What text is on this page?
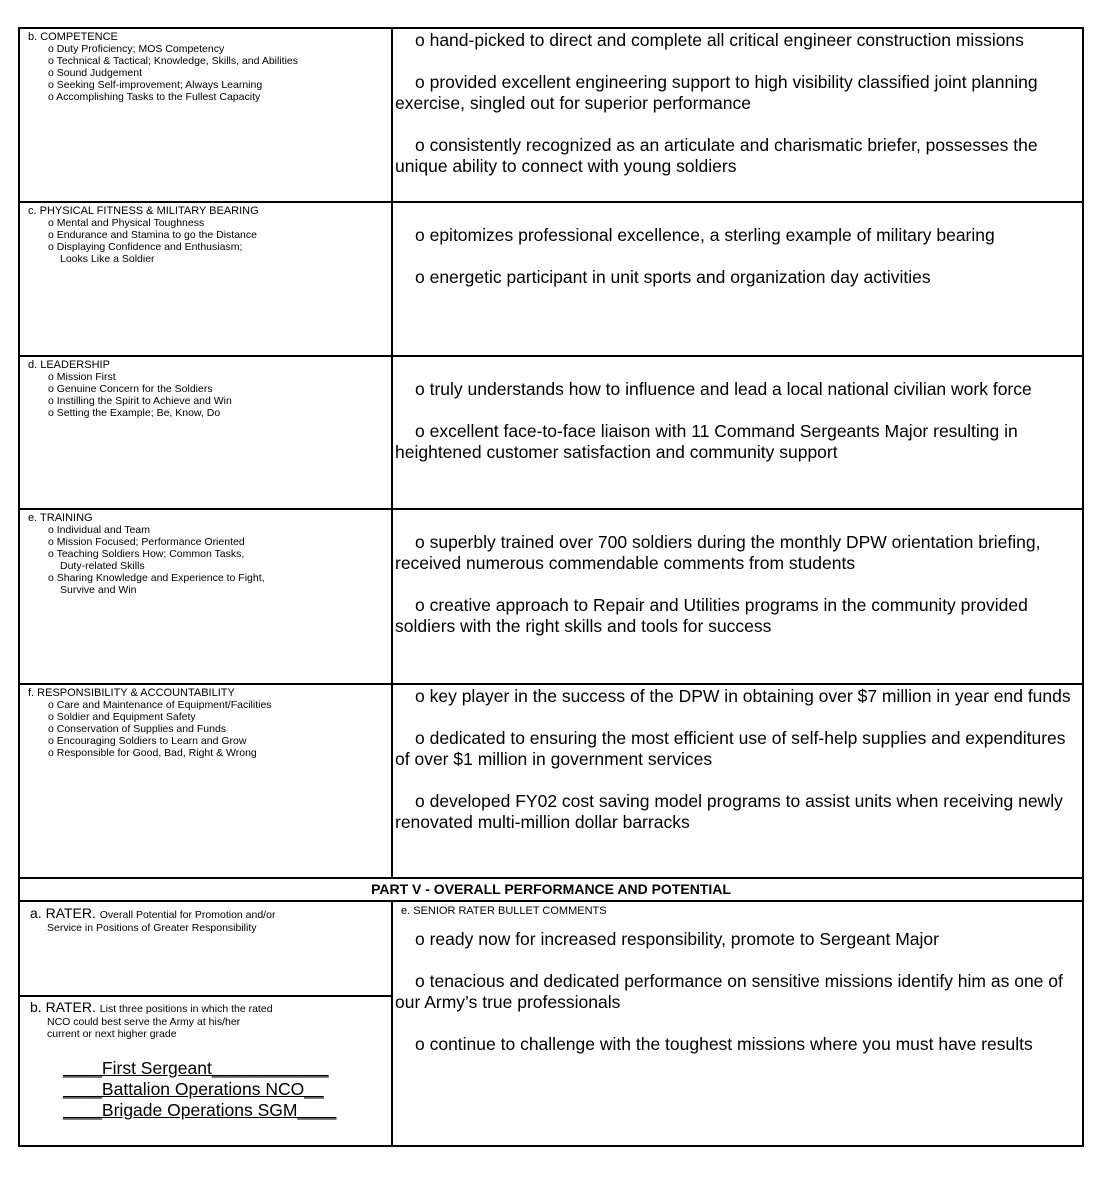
b. COMPETENCE
o Duty Proficiency; MOS Competency
o Technical & Tactical; Knowledge, Skills, and Abilities
o Sound Judgement
o Seeking Self-improvement; Always Learning
o Accomplishing Tasks to the Fullest Capacity
o hand-picked to direct and complete all critical engineer construction missions
o provided excellent engineering support to high visibility classified joint planning exercise, singled out for superior performance
o consistently recognized as an articulate and charismatic briefer, possesses the unique ability to connect with young soldiers
c. PHYSICAL FITNESS & MILITARY BEARING
o Mental and Physical Toughness
o Endurance and Stamina to go the Distance
o Displaying Confidence and Enthusiasm;
Looks Like a Soldier
o epitomizes professional excellence, a sterling example of military bearing
o energetic participant in unit sports and organization day activities
d. LEADERSHIP
o Mission First
o Genuine Concern for the Soldiers
o Instilling the Spirit to Achieve and Win
o Setting the Example; Be, Know, Do
o truly understands how to influence and lead a local national civilian work force
o excellent face-to-face liaison with 11 Command Sergeants Major resulting in heightened customer satisfaction and community support
e. TRAINING
o Individual and Team
o Mission Focused; Performance Oriented
o Teaching Soldiers How; Common Tasks,
Duty-related Skills
o Sharing Knowledge and Experience to Fight,
Survive and Win
o superbly trained over 700 soldiers during the monthly DPW orientation briefing, received numerous commendable comments from students
o creative approach to Repair and Utilities programs in the community provided soldiers with the right skills and tools for success
f. RESPONSIBILITY & ACCOUNTABILITY
o Care and Maintenance of Equipment/Facilities
o Soldier and Equipment Safety
o Conservation of Supplies and Funds
o Encouraging Soldiers to Learn and Grow
o Responsible for Good, Bad, Right & Wrong
o key player in the success of the DPW in obtaining over $7 million in year end funds
o dedicated to ensuring the most efficient use of self-help supplies and expenditures of over $1 million in government services
o developed FY02 cost saving model programs to assist units when receiving newly renovated multi-million dollar barracks
PART V - OVERALL PERFORMANCE AND POTENTIAL
a. RATER. Overall Potential for Promotion and/or
Service in Positions of Greater Responsibility
b. RATER. List three positions in which the rated
NCO could best serve the Army at his/her
current or next higher grade
____First Sergeant____________
____Battalion Operations NCO__
____Brigade Operations SGM____
e. SENIOR RATER BULLET COMMENTS
o ready now for increased responsibility, promote to Sergeant Major
o tenacious and dedicated performance on sensitive missions identify him as one of our Army’s true professionals
o continue to challenge with the toughest missions where you must have results
